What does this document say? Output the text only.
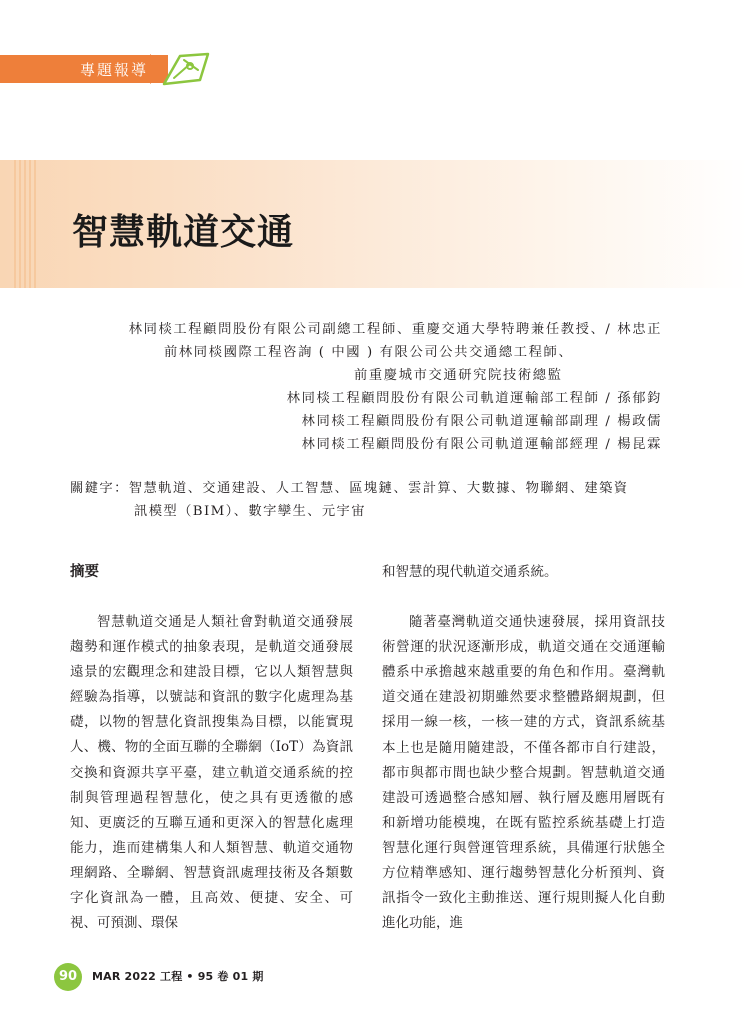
專題報導
智慧軌道交通
林同棪工程顧問股份有限公司副總工程師、重慶交通大學特聘兼任教授、/ 林忠正
前林同棪國際工程咨詢 ( 中國 ) 有限公司公共交通總工程師、
前重慶城市交通研究院技術總監
林同棪工程顧問股份有限公司軌道運輸部工程師 / 孫郁鈞
林同棪工程顧問股份有限公司軌道運輸部副理 / 楊政儒
林同棪工程顧問股份有限公司軌道運輸部經理 / 楊昆霖
關鍵字：智慧軌道、交通建設、人工智慧、區塊鏈、雲計算、大數據、物聯網、建築資
訊模型（BIM）、數字孿生、元宇宙
摘要

智慧軌道交通是人類社會對軌道交通發展趨勢和運作模式的抽象表現，是軌道交通發展遠景的宏觀理念和建設目標，它以人類智慧與經驗為指導，以號誌和資訊的數字化處理為基礎，以物的智慧化資訊搜集為目標，以能實現人、機、物的全面互聯的全聯網（IoT）為資訊交換和資源共享平臺，建立軌道交通系統的控制與管理過程智慧化，使之具有更透徹的感知、更廣泛的互聯互通和更深入的智慧化處理能力，進而建構集人和人類智慧、軌道交通物理網路、全聯網、智慧資訊處理技術及各類數字化資訊為一體，且高效、便捷、安全、可視、可預測、環保

和智慧的現代軌道交通系統。

隨著臺灣軌道交通快速發展，採用資訊技術營運的狀況逐漸形成，軌道交通在交通運輸體系中承擔越來越重要的角色和作用。臺灣軌道交通在建設初期雖然要求整體路網規劃，但採用一線一核，一核一建的方式，資訊系統基本上也是隨用隨建設，不僅各都市自行建設，都市與都市間也缺少整合規劃。智慧軌道交通建設可透過整合感知層、執行層及應用層既有和新增功能模塊，在既有監控系統基礎上打造智慧化運行與營運管理系統，具備運行狀態全方位精準感知、運行趨勢智慧化分析預判、資訊指令一致化主動推送、運行規則擬人化自動進化功能，進

90	MAR 2022 工程 • 95 卷 01 期
